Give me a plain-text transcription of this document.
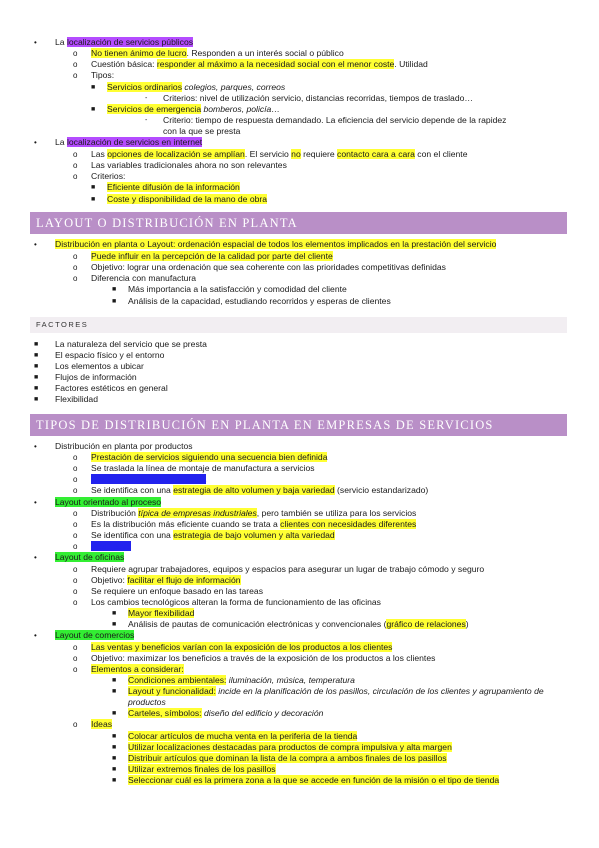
• La localización de servicios públicos
o No tienen ánimo de lucro. Responden a un interés social o público
o Cuestión básica: responder al máximo a la necesidad social con el menor coste. Utilidad
o Tipos:
■ Servicios ordinarios colegios, parques, correos
- Criterios: nivel de utilización servicio, distancias recorridas, tiempos de traslado…
■ Servicios de emergencia bomberos, policía…
- Criterio: tiempo de respuesta demandado. La eficiencia del servicio depende de la rapidez
con la que se presta
• La localización de servicios en internet
o Las opciones de localización se amplían. El servicio no requiere contacto cara a cara con el cliente
o Las variables tradicionales ahora no son relevantes
o Criterios:
■ Eficiente difusión de la información
■ Coste y disponibilidad de la mano de obra
LAYOUT O DISTRIBUCIÓN EN PLANTA
• Distribución en planta o Layout: ordenación espacial de todos los elementos implicados en la prestación del servicio
o Puede influir en la percepción de la calidad por parte del cliente
o Objetivo: lograr una ordenación que sea coherente con las prioridades competitivas definidas
o Diferencia con manufactura
■ Más importancia a la satisfacción y comodidad del cliente
■ Análisis de la capacidad, estudiando recorridos y esperas de clientes
FACTORES
■ La naturaleza del servicio que se presta
■ El espacio físico y el entorno
■ Los elementos a ubicar
■ Flujos de información
■ Factores estéticos en general
■ Flexibilidad
TIPOS DE DISTRIBUCIÓN EN PLANTA EN EMPRESAS DE SERVICIOS
• Distribución en planta por productos
o Prestación de servicios siguiendo una secuencia bien definida
o Se traslada la línea de montaje de manufactura a servicios
o Restaurante de comida rápida
o Se identifica con una estrategia de alto volumen y baja variedad (servicio estandarizado)
• Layout orientado al proceso
o Distribución típica de empresas industriales, pero también se utiliza para los servicios
o Es la distribución más eficiente cuando se trata a clientes con necesidades diferentes
o Se identifica con una estrategia de bajo volumen y alta variedad
o Hospitales
• Layout de oficinas
o Requiere agrupar trabajadores, equipos y espacios para asegurar un lugar de trabajo cómodo y seguro
o Objetivo: facilitar el flujo de información
o Se requiere un enfoque basado en las tareas
o Los cambios tecnológicos alteran la forma de funcionamiento de las oficinas
■ Mayor flexibilidad
■ Análisis de pautas de comunicación electrónicas y convencionales (gráfico de relaciones)
• Layout de comercios
o Las ventas y beneficios varían con la exposición de los productos a los clientes
o Objetivo: maximizar los beneficios a través de la exposición de los productos a los clientes
o Elementos a considerar:
■ Condiciones ambientales: iluminación, música, temperatura
■ Layout y funcionalidad: incide en la planificación de los pasillos, circulación de los clientes y agrupamiento de productos
■ Carteles, símbolos: diseño del edificio y decoración
o Ideas
■ Colocar artículos de mucha venta en la periferia de la tienda
■ Utilizar localizaciones destacadas para productos de compra impulsiva y alta margen
■ Distribuir artículos que dominan la lista de la compra a ambos finales de los pasillos
■ Utilizar extremos finales de los pasillos
■ Seleccionar cuál es la primera zona a la que se accede en función de la misión o el tipo de tienda
